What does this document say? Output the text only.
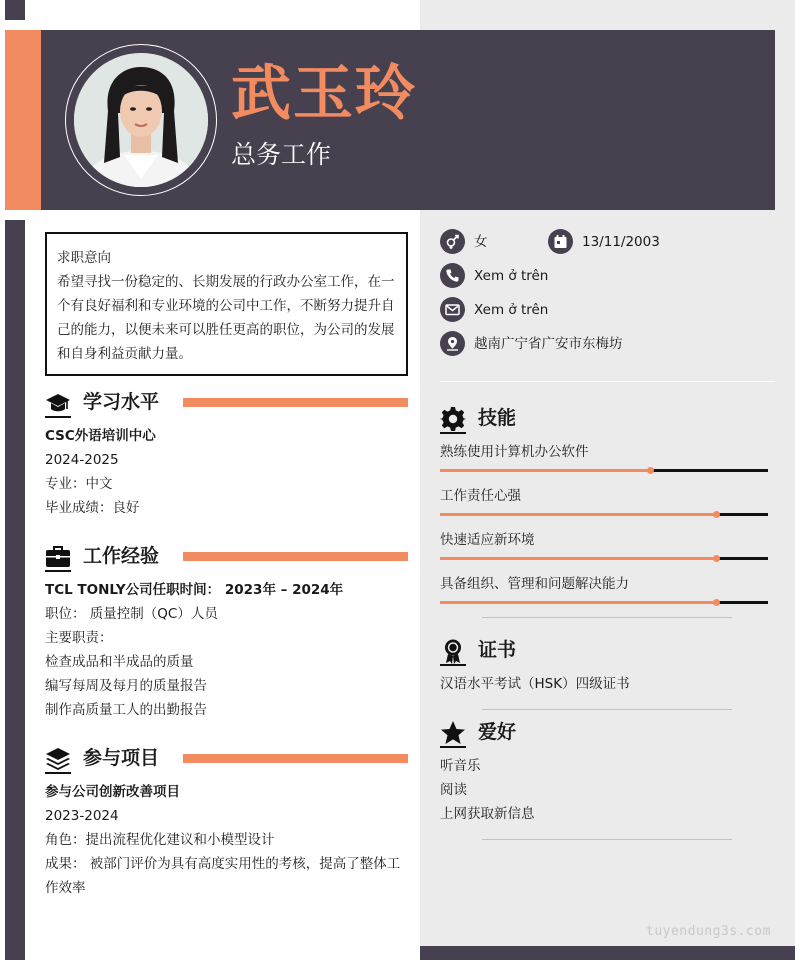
武玉玲
总务工作
求职意向
希望寻找一份稳定的、长期发展的行政办公室工作，在一个有良好福利和专业环境的公司中工作，不断努力提升自己的能力，以便未来可以胜任更高的职位，为公司的发展和自身利益贡献力量。
学习水平
CSC外语培训中心
2024-2025
专业：中文
毕业成绩：良好
工作经验
TCL TONLY公司任职时间： 2023年 – 2024年
职位： 质量控制（QC）人员
主要职责：
检查成品和半成品的质量
编写每周及每月的质量报告
制作高质量工人的出勤报告
参与项目
参与公司创新改善项目
2023-2024
角色：提出流程优化建议和小模型设计
成果： 被部门评价为具有高度实用性的考核，提高了整体工作效率
女	13/11/2003
Xem ở trên
Xem ở trên
越南广宁省广安市东梅坊
技能
熟练使用计算机办公软件
工作责任心强
快速适应新环境
具备组织、管理和问题解决能力
证书
汉语水平考试（HSK）四级证书
爱好
听音乐
阅读
上网获取新信息
tuyendung3s.com
